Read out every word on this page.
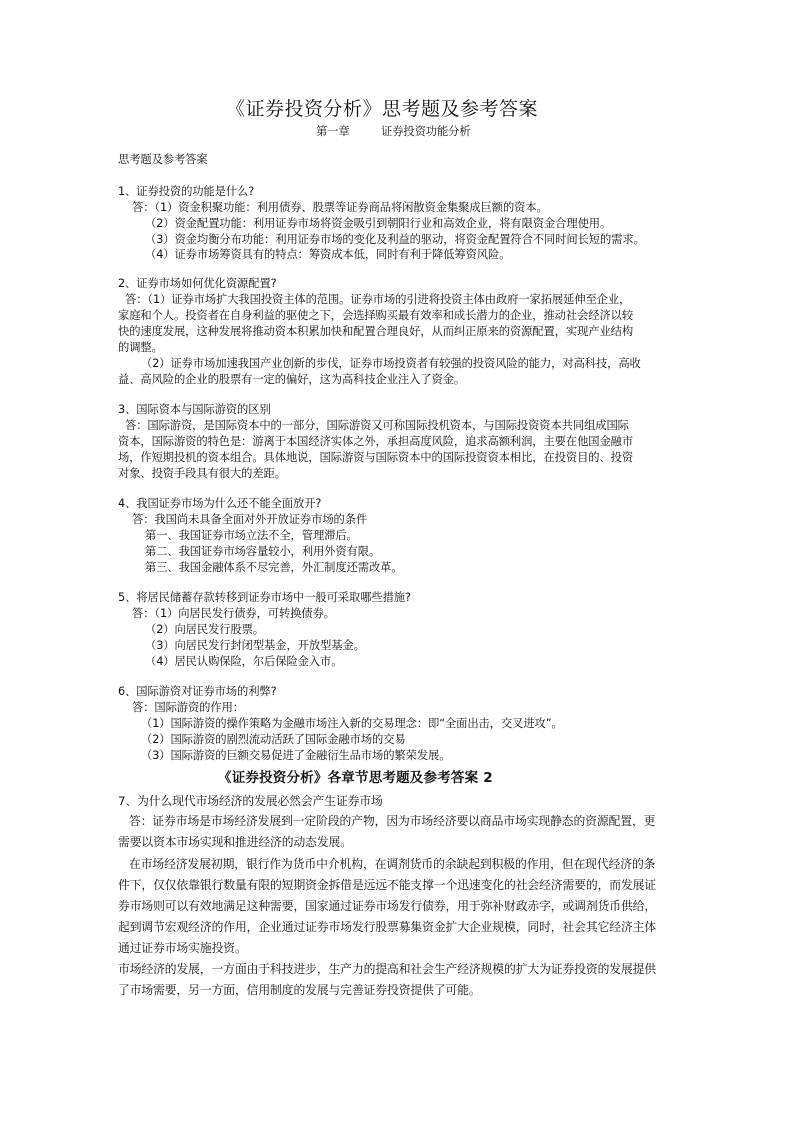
《证券投资分析》思考题及参考答案
第一章	证券投资功能分析
思考题及参考答案
1、证券投资的功能是什么?
答：（1）资金积聚功能：利用债券、股票等证券商品将闲散资金集聚成巨额的资本。
（2）资金配置功能：利用证券市场将资金吸引到朝阳行业和高效企业，将有限资金合理使用。
（3）资金均衡分布功能：利用证券市场的变化及利益的驱动，将资金配置符合不同时间长短的需求。
（4）证券市场筹资具有的特点：筹资成本低，同时有利于降低筹资风险。
2、证券市场如何优化资源配置?
答：（1）证券市场扩大我国投资主体的范围。证券市场的引进将投资主体由政府一家拓展延伸至企业，
家庭和个人。投资者在自身利益的驱使之下，会选择购买最有效率和成长潜力的企业，推动社会经济以较
快的速度发展，这种发展将推动资本积累加快和配置合理良好，从而纠正原来的资源配置，实现产业结构
的调整。
（2）证券市场加速我国产业创新的步伐，证券市场投资者有较强的投资风险的能力，对高科技，高收
益、高风险的企业的股票有一定的偏好，这为高科技企业注入了资金。
3、国际资本与国际游资的区别
答：国际游资，是国际资本中的一部分，国际游资又可称国际投机资本，与国际投资资本共同组成国际
资本，国际游资的特色是：游离于本国经济实体之外，承担高度风险，追求高额利润，主要在他国金融市
场，作短期投机的资本组合。具体地说，国际游资与国际资本中的国际投资资本相比，在投资目的、投资
对象、投资手段具有很大的差距。
4、我国证券市场为什么还不能全面放开?
答：我国尚未具备全面对外开放证券市场的条件
第一、我国证券市场立法不全，管理滞后。
第二、我国证券市场容量较小，利用外资有限。
第三、我国金融体系不尽完善，外汇制度还需改革。
5、将居民储蓄存款转移到证券市场中一般可采取哪些措施?
答：（1）向居民发行债券，可转换债券。
（2）向居民发行股票。
（3）向居民发行封闭型基金，开放型基金。
（4）居民认购保险，尔后保险金入市。
6、国际游资对证券市场的利弊?
答：国际游资的作用：
（1）国际游资的操作策略为金融市场注入新的交易理念：即“全面出击，交叉进攻”。
（2）国际游资的剧烈流动活跃了国际金融市场的交易
（3）国际游资的巨额交易促进了金融衍生品市场的繁荣发展。
《证券投资分析》各章节思考题及参考答案 2
7、为什么现代市场经济的发展必然会产生证券市场
答：证券市场是市场经济发展到一定阶段的产物，因为市场经济要以商品市场实现静态的资源配置，更
需要以资本市场实现和推进经济的动态发展。
在市场经济发展初期，银行作为货币中介机构，在调剂货币的余缺起到积极的作用，但在现代经济的条
件下，仅仅依靠银行数量有限的短期资金拆借是远远不能支撑一个迅速变化的社会经济需要的，而发展证
券市场则可以有效地满足这种需要，国家通过证券市场发行债券，用于弥补财政赤字，或调剂货币供给，
起到调节宏观经济的作用，企业通过证券市场发行股票募集资金扩大企业规模，同时，社会其它经济主体
通过证券市场实施投资。
市场经济的发展，一方面由于科技进步，生产力的提高和社会生产经济规模的扩大为证券投资的发展提供
了市场需要，另一方面，信用制度的发展与完善证券投资提供了可能。
